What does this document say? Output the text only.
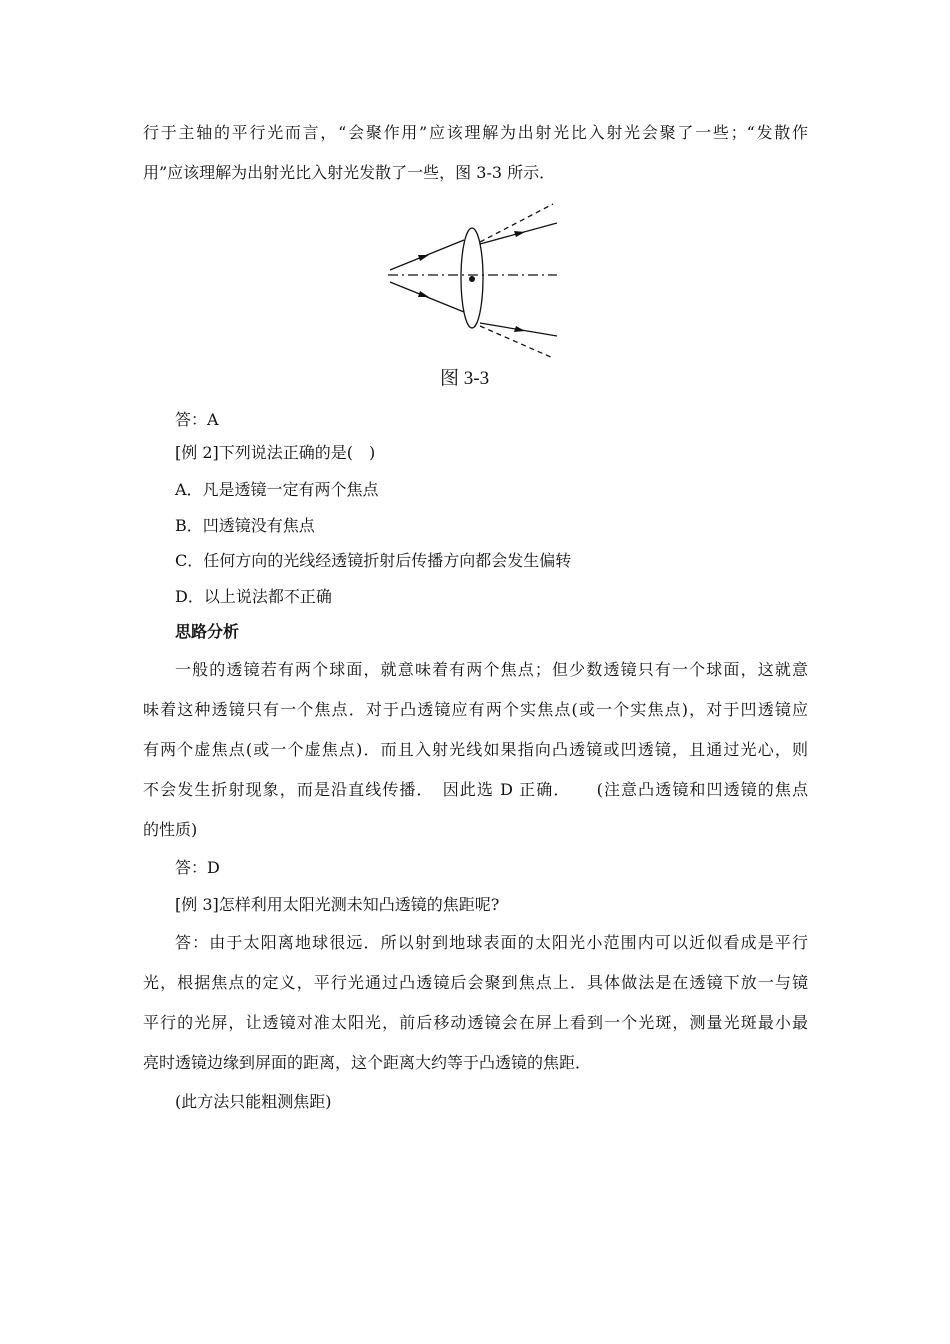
行于主轴的平行光而言，“会聚作用”应该理解为出射光比入射光会聚了一些；“发散作
用”应该理解为出射光比入射光发散了一些，图 3-3 所示．
图 3-3
答：A
[例 2]下列说法正确的是(　)
A．凡是透镜一定有两个焦点
B．凹透镜没有焦点
C．任何方向的光线经透镜折射后传播方向都会发生偏转
D．以上说法都不正确
思路分析
一般的透镜若有两个球面，就意味着有两个焦点；但少数透镜只有一个球面，这就意
味着这种透镜只有一个焦点．对于凸透镜应有两个实焦点(或一个实焦点)，对于凹透镜应
有两个虚焦点(或一个虚焦点)．而且入射光线如果指向凸透镜或凹透镜，且通过光心，则
不会发生折射现象，而是沿直线传播．　因此选 D 正确．　　(注意凸透镜和凹透镜的焦点
的性质)
答：D
[例 3]怎样利用太阳光测未知凸透镜的焦距呢?
答：由于太阳离地球很远．所以射到地球表面的太阳光小范围内可以近似看成是平行
光，根据焦点的定义，平行光通过凸透镜后会聚到焦点上．具体做法是在透镜下放一与镜
平行的光屏，让透镜对准太阳光，前后移动透镜会在屏上看到一个光斑，测量光斑最小最
亮时透镜边缘到屏面的距离，这个距离大约等于凸透镜的焦距．
(此方法只能粗测焦距)
